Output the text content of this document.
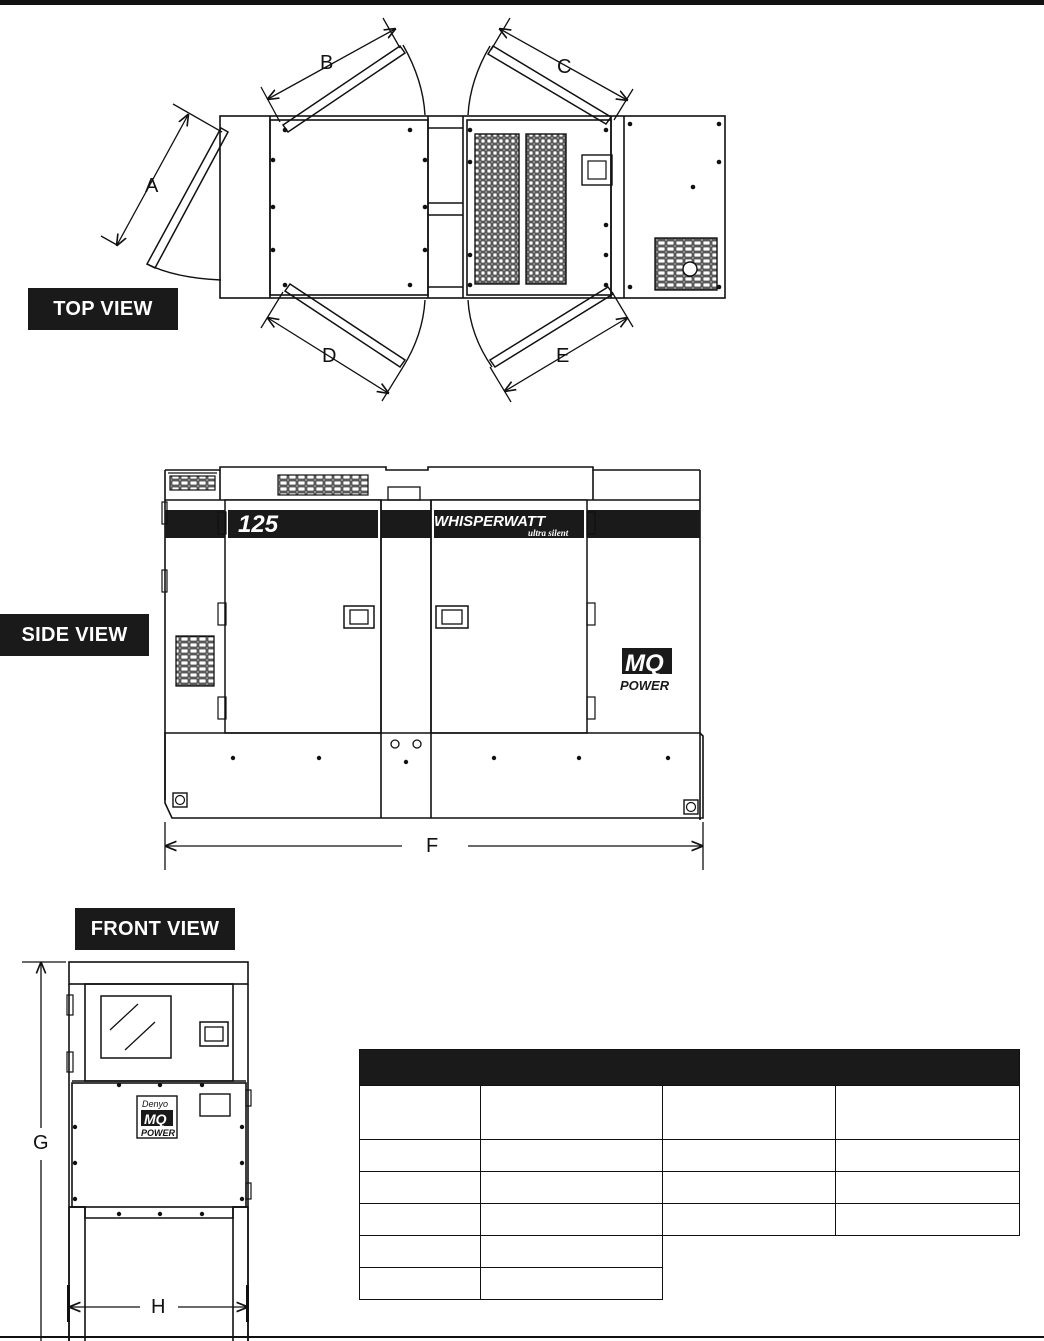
125	WHISPERWATT
ultra silent
MQ
POWER
Denyo
MQ
POWER
TOP VIEW
SIDE VIEW
FRONT VIEW
A
B	C
D	E
F
G
H
